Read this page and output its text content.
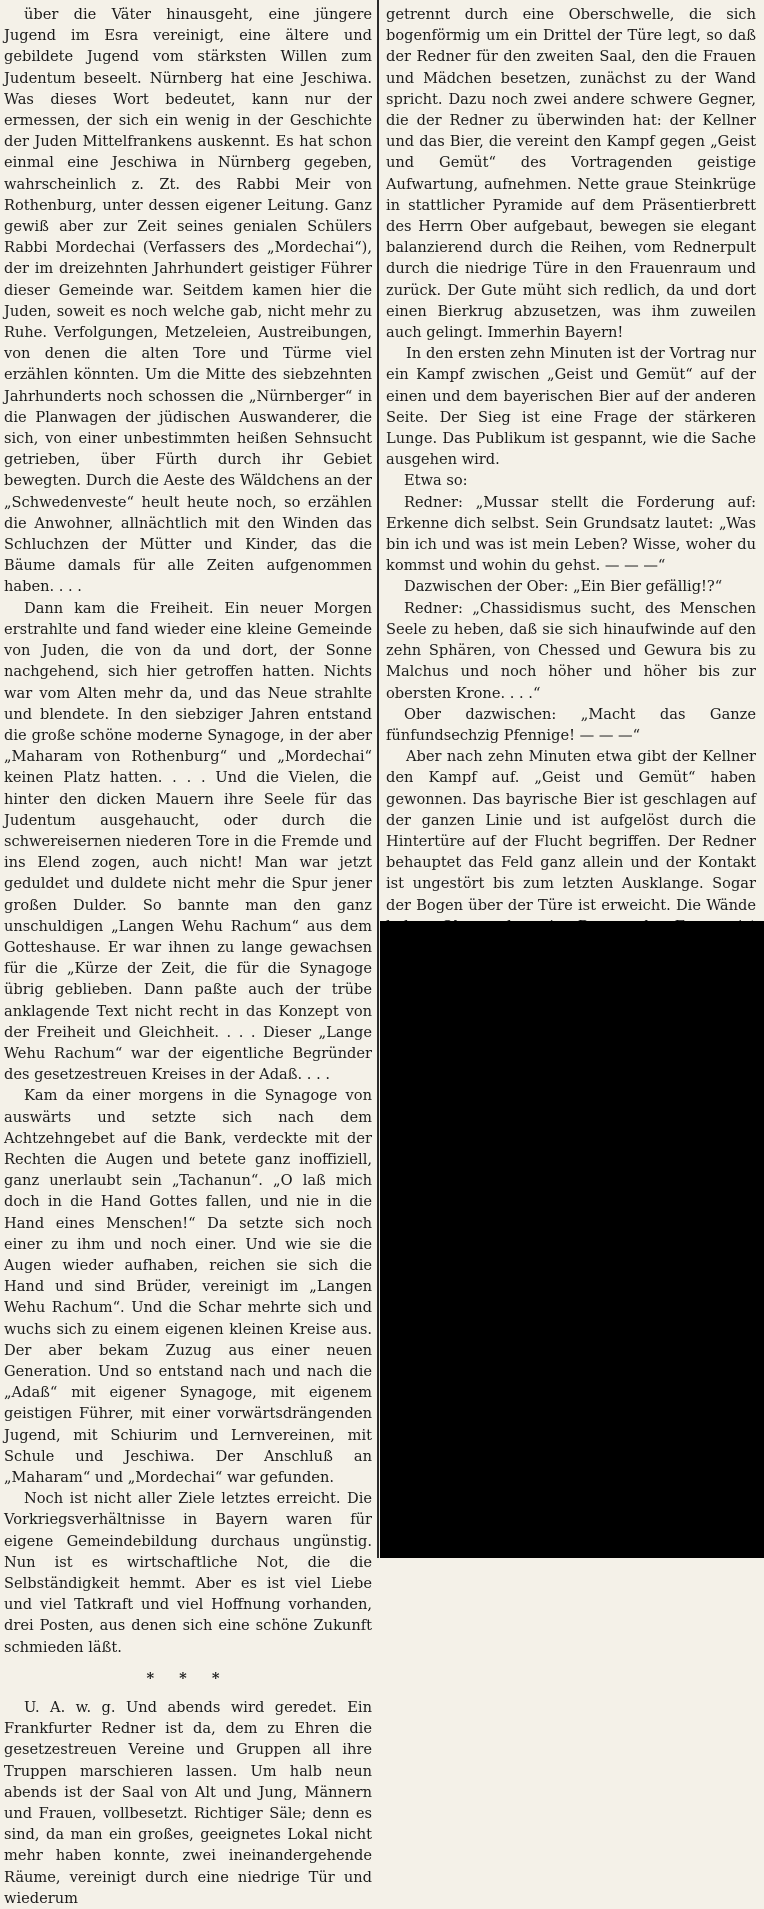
über die Väter hinausgeht, eine jüngere Jugend im Esra vereinigt, eine ältere und gebildete Jugend vom stärksten Willen zum Judentum beseelt. Nürnberg hat eine Jeschiwa. Was dieses Wort bedeutet, kann nur der ermessen, der sich ein wenig in der Geschichte der Juden Mittelfrankens auskennt. Es hat schon einmal eine Jeschiwa in Nürnberg gegeben, wahrscheinlich z. Zt. des Rabbi Meir von Rothenburg, unter dessen eigener Leitung. Ganz gewiß aber zur Zeit seines genialen Schülers Rabbi Mordechai (Verfassers des „Mordechai“), der im dreizehnten Jahrhundert geistiger Führer dieser Gemeinde war. Seitdem kamen hier die Juden, soweit es noch welche gab, nicht mehr zu Ruhe. Verfolgungen, Metzeleien, Austreibungen, von denen die alten Tore und Türme viel erzählen könnten. Um die Mitte des siebzehnten Jahrhunderts noch schossen die „Nürnberger“ in die Planwagen der jüdischen Auswanderer, die sich, von einer unbestimmten heißen Sehnsucht getrieben, über Fürth durch ihr Gebiet bewegten. Durch die Aeste des Wäldchens an der „Schwedenveste“ heult heute noch, so erzählen die Anwohner, allnächtlich mit den Winden das Schluchzen der Mütter und Kinder, das die Bäume damals für alle Zeiten aufgenommen haben. . . .

Dann kam die Freiheit. Ein neuer Morgen erstrahlte und fand wieder eine kleine Gemeinde von Juden, die von da und dort, der Sonne nachgehend, sich hier getroffen hatten. Nichts war vom Alten mehr da, und das Neue strahlte und blendete. In den siebziger Jahren entstand die große schöne moderne Synagoge, in der aber „Maharam von Rothenburg“ und „Mordechai“ keinen Platz hatten. . . . Und die Vielen, die hinter den dicken Mauern ihre Seele für das Judentum ausgehaucht, oder durch die schwereisernen niederen Tore in die Fremde und ins Elend zogen, auch nicht! Man war jetzt geduldet und duldete nicht mehr die Spur jener großen Dulder. So bannte man den ganz unschuldigen „Langen Wehu Rachum“ aus dem Gotteshause. Er war ihnen zu lange gewachsen für die „Kürze der Zeit, die für die Synagoge übrig geblieben. Dann paßte auch der trübe anklagende Text nicht recht in das Konzept von der Freiheit und Gleichheit. . . . Dieser „Lange Wehu Rachum“ war der eigentliche Begründer des gesetzestreuen Kreises in der Adaß. . . .

Kam da einer morgens in die Synagoge von auswärts und setzte sich nach dem Achtzehngebet auf die Bank, verdeckte mit der Rechten die Augen und betete ganz inoffiziell, ganz unerlaubt sein „Tachanun“. „O laß mich doch in die Hand Gottes fallen, und nie in die Hand eines Menschen!“ Da setzte sich noch einer zu ihm und noch einer. Und wie sie die Augen wieder aufhaben, reichen sie sich die Hand und sind Brüder, vereinigt im „Langen Wehu Rachum“. Und die Schar mehrte sich und wuchs sich zu einem eigenen kleinen Kreise aus. Der aber bekam Zuzug aus einer neuen Generation. Und so entstand nach und nach die „Adaß“ mit eigener Synagoge, mit eigenem geistigen Führer, mit einer vorwärtsdrängenden Jugend, mit Schiurim und Lernvereinen, mit Schule und Jeschiwa. Der Anschluß an „Maharam“ und „Mordechai“ war gefunden.

Noch ist nicht aller Ziele letztes erreicht. Die Vorkriegsverhältnisse in Bayern waren für eigene Gemeindebildung durchaus ungünstig. Nun ist es wirtschaftliche Not, die die Selbständigkeit hemmt. Aber es ist viel Liebe und viel Tatkraft und viel Hoffnung vorhanden, drei Posten, aus denen sich eine schöne Zukunft schmieden läßt.

* * *

U. A. w. g. Und abends wird geredet. Ein Frankfurter Redner ist da, dem zu Ehren die gesetzestreuen Vereine und Gruppen all ihre Truppen marschieren lassen. Um halb neun abends ist der Saal von Alt und Jung, Männern und Frauen, vollbesetzt. Richtiger Säle; denn es sind, da man ein großes, geeignetes Lokal nicht mehr haben konnte, zwei ineinandergehende Räume, vereinigt durch eine niedrige Tür und wiederum

getrennt durch eine Oberschwelle, die sich bogenförmig um ein Drittel der Türe legt, so daß der Redner für den zweiten Saal, den die Frauen und Mädchen besetzen, zunächst zu der Wand spricht. Dazu noch zwei andere schwere Gegner, die der Redner zu überwinden hat: der Kellner und das Bier, die vereint den Kampf gegen „Geist und Gemüt“ des Vortragenden geistige Aufwartung, aufnehmen. Nette graue Steinkrüge in stattlicher Pyramide auf dem Präsentierbrett des Herrn Ober aufgebaut, bewegen sie elegant balanzierend durch die Reihen, vom Rednerpult durch die niedrige Türe in den Frauenraum und zurück. Der Gute müht sich redlich, da und dort einen Bierkrug abzusetzen, was ihm zuweilen auch gelingt. Immerhin Bayern!

In den ersten zehn Minuten ist der Vortrag nur ein Kampf zwischen „Geist und Gemüt“ auf der einen und dem bayerischen Bier auf der anderen Seite. Der Sieg ist eine Frage der stärkeren Lunge. Das Publikum ist gespannt, wie die Sache ausgehen wird.

Etwa so:

Redner: „Mussar stellt die Forderung auf: Erkenne dich selbst. Sein Grundsatz lautet: „Was bin ich und was ist mein Leben? Wisse, woher du kommst und wohin du gehst. — — —“

Dazwischen der Ober: „Ein Bier gefällig!?“

Redner: „Chassidismus sucht, des Menschen Seele zu heben, daß sie sich hinaufwinde auf den zehn Sphären, von Chessed und Gewura bis zu Malchus und noch höher und höher bis zur obersten Krone. . . .“

Ober dazwischen: „Macht das Ganze fünfundsechzig Pfennige! — — —“

Aber nach zehn Minuten etwa gibt der Kellner den Kampf auf. „Geist und Gemüt“ haben gewonnen. Das bayrische Bier ist geschlagen auf der ganzen Linie und ist aufgelöst durch die Hintertüre auf der Flucht begriffen. Der Redner behauptet das Feld ganz allein und der Kontakt ist ungestört bis zum letzten Ausklange. Sogar der Bogen über der Türe ist erweicht. Die Wände
